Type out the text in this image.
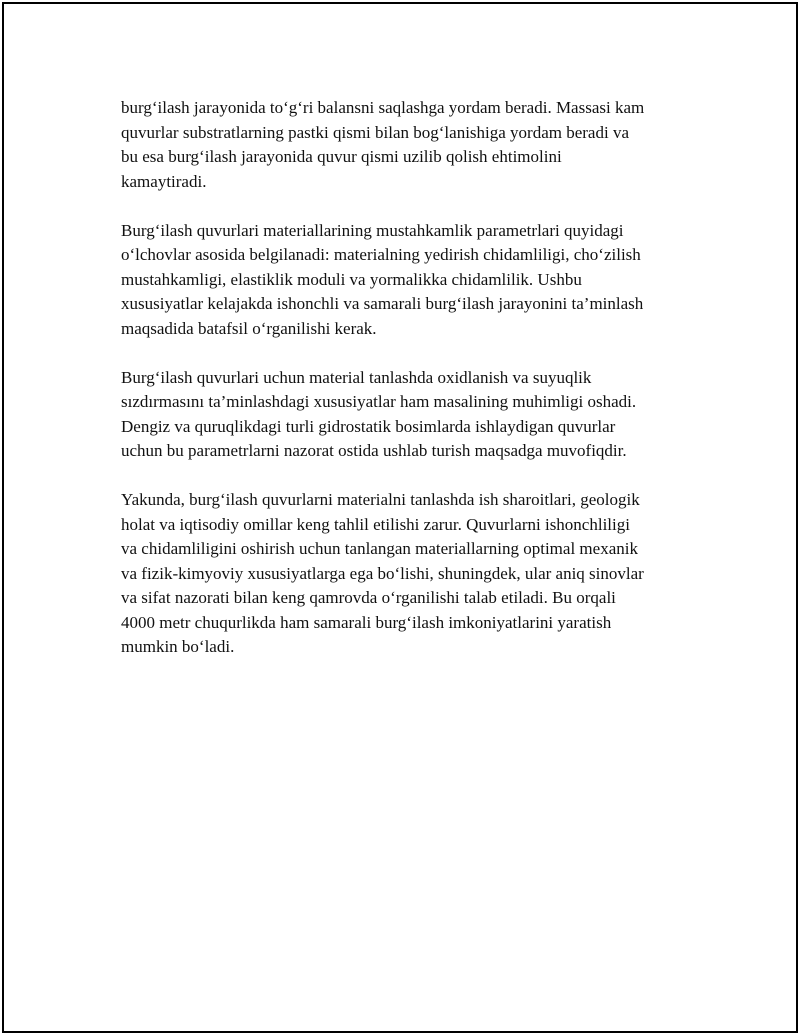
burg‘ilash jarayonida to‘g‘ri balansni saqlashga yordam beradi. Massasi kam
quvurlar substratlarning pastki qismi bilan bog‘lanishiga yordam beradi va
bu esa burg‘ilash jarayonida quvur qismi uzilib qolish ehtimolini
kamaytiradi.

Burg‘ilash quvurlari materiallarining mustahkamlik parametrlari quyidagi
o‘lchovlar asosida belgilanadi: materialning yedirish chidamliligi, cho‘zilish
mustahkamligi, elastiklik moduli va yormalikka chidamlilik. Ushbu
xususiyatlar kelajakda ishonchli va samarali burg‘ilash jarayonini ta’minlash
maqsadida batafsil o‘rganilishi kerak.

Burg‘ilash quvurlari uchun material tanlashda oxidlanish va suyuqlik
sızdırmasını ta’minlashdagi xususiyatlar ham masalining muhimligi oshadi.
Dengiz va quruqlikdagi turli gidrostatik bosimlarda ishlaydigan quvurlar
uchun bu parametrlarni nazorat ostida ushlab turish maqsadga muvofiqdir.

Yakunda, burg‘ilash quvurlarni materialni tanlashda ish sharoitlari, geologik
holat va iqtisodiy omillar keng tahlil etilishi zarur. Quvurlarni ishonchliligi
va chidamliligini oshirish uchun tanlangan materiallarning optimal mexanik
va fizik-kimyoviy xususiyatlarga ega bo‘lishi, shuningdek, ular aniq sinovlar
va sifat nazorati bilan keng qamrovda o‘rganilishi talab etiladi. Bu orqali
4000 metr chuqurlikda ham samarali burg‘ilash imkoniyatlarini yaratish
mumkin bo‘ladi.
